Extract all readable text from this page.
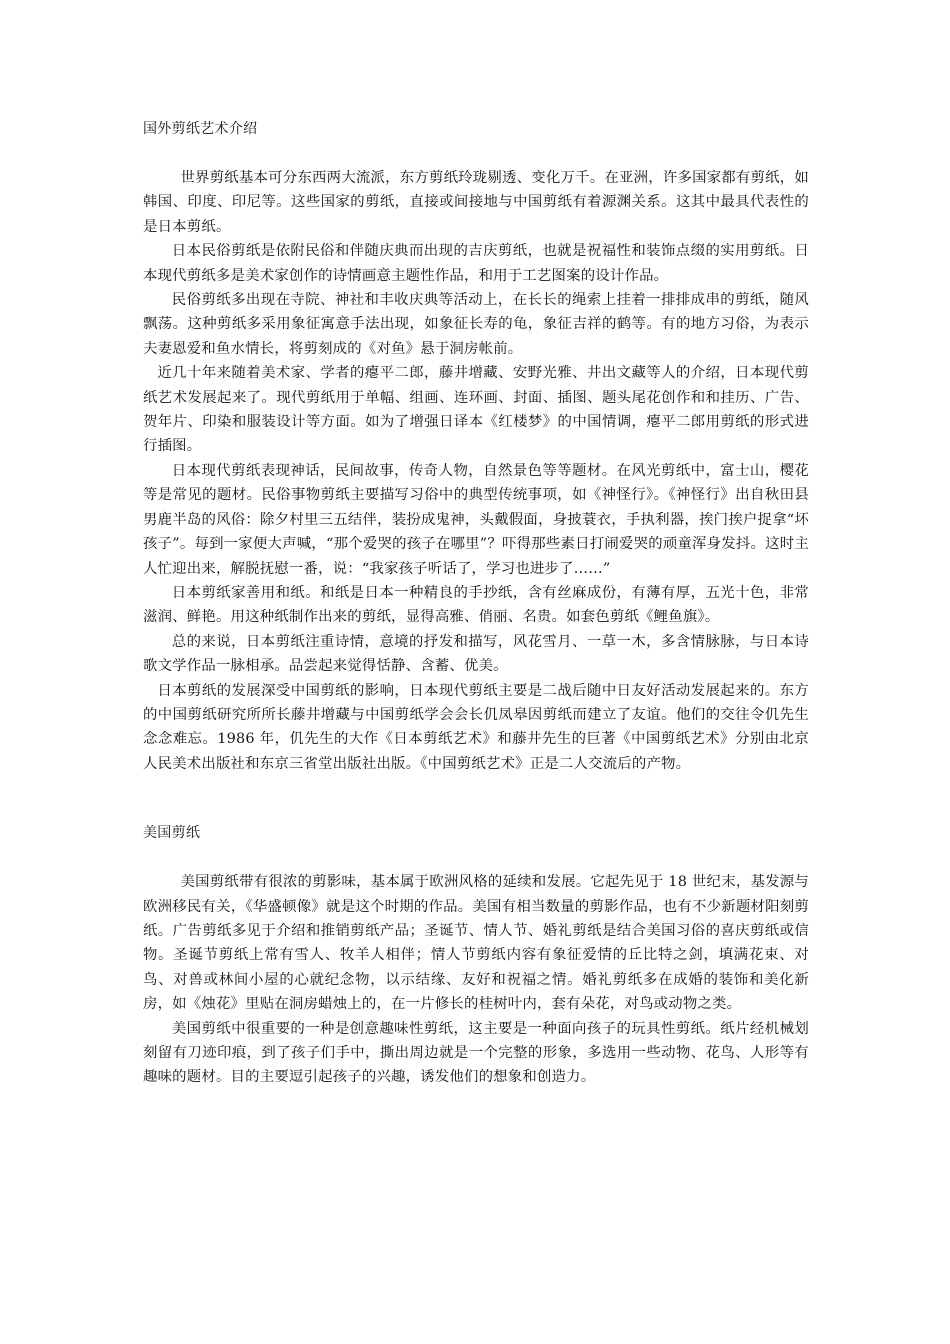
国外剪纸艺术介绍

世界剪纸基本可分东西两大流派，东方剪纸玲珑剔透、变化万千。在亚洲，许多国家都有剪纸，如韩国、印度、印尼等。这些国家的剪纸，直接或间接地与中国剪纸有着源渊关系。这其中最具代表性的是日本剪纸。

日本民俗剪纸是依附民俗和伴随庆典而出现的吉庆剪纸，也就是祝福性和装饰点缀的实用剪纸。日本现代剪纸多是美术家创作的诗情画意主题性作品，和用于工艺图案的设计作品。

民俗剪纸多出现在寺院、神社和丰收庆典等活动上，在长长的绳索上挂着一排排成串的剪纸，随风飘荡。这种剪纸多采用象征寓意手法出现，如象征长寿的龟，象征吉祥的鹤等。有的地方习俗，为表示夫妻恩爱和鱼水情长，将剪刻成的《对鱼》悬于洞房帐前。

近几十年来随着美术家、学者的瘪平二郎，藤井增藏、安野光雅、井出文藏等人的介绍，日本现代剪纸艺术发展起来了。现代剪纸用于单幅、组画、连环画、封面、插图、题头尾花创作和和挂历、广告、贺年片、印染和服装设计等方面。如为了增强日译本《红楼梦》的中国情调，瘪平二郎用剪纸的形式进行插图。

日本现代剪纸表现神话，民间故事，传奇人物，自然景色等等题材。在风光剪纸中，富士山，樱花等是常见的题材。民俗事物剪纸主要描写习俗中的典型传统事项，如《神怪行》。《神怪行》出自秋田县男鹿半岛的风俗：除夕村里三五结伴，装扮成鬼神，头戴假面，身披蓑衣，手执利器，挨门挨户捉拿“坏孩子”。每到一家便大声喊，“那个爱哭的孩子在哪里”？吓得那些素日打闹爱哭的顽童浑身发抖。这时主人忙迎出来，解脱抚慰一番，说：“我家孩子听话了，学习也进步了……”

日本剪纸家善用和纸。和纸是日本一种精良的手抄纸，含有丝麻成份，有薄有厚，五光十色，非常滋润、鲜艳。用这种纸制作出来的剪纸，显得高雅、俏丽、名贵。如套色剪纸《鲤鱼旗》。

总的来说，日本剪纸注重诗情，意境的抒发和描写，风花雪月、一草一木，多含情脉脉，与日本诗歌文学作品一脉相承。品尝起来觉得恬静、含蓄、优美。

日本剪纸的发展深受中国剪纸的影响，日本现代剪纸主要是二战后随中日友好活动发展起来的。东方的中国剪纸研究所所长藤井增藏与中国剪纸学会会长仉凤皋因剪纸而建立了友谊。他们的交往令仉先生念念难忘。1986 年，仉先生的大作《日本剪纸艺术》和藤井先生的巨著《中国剪纸艺术》分别由北京人民美术出版社和东京三省堂出版社出版。《中国剪纸艺术》正是二人交流后的产物。

美国剪纸

美国剪纸带有很浓的剪影味，基本属于欧洲风格的延续和发展。它起先见于 18 世纪末，基发源与欧洲移民有关，《华盛顿像》就是这个时期的作品。美国有相当数量的剪影作品，也有不少新题材阳刻剪纸。广告剪纸多见于介绍和推销剪纸产品；圣诞节、情人节、婚礼剪纸是结合美国习俗的喜庆剪纸或信物。圣诞节剪纸上常有雪人、牧羊人相伴；情人节剪纸内容有象征爱情的丘比特之剑，填满花束、对鸟、对兽或林间小屋的心就纪念物，以示结缘、友好和祝福之情。婚礼剪纸多在成婚的装饰和美化新房，如《烛花》里贴在洞房蜡烛上的，在一片修长的桂树叶内，套有朵花，对鸟或动物之类。

美国剪纸中很重要的一种是创意趣味性剪纸，这主要是一种面向孩子的玩具性剪纸。纸片经机械划刻留有刀迹印痕，到了孩子们手中，撕出周边就是一个完整的形象，多选用一些动物、花鸟、人形等有趣味的题材。目的主要逗引起孩子的兴趣，诱发他们的想象和创造力。
